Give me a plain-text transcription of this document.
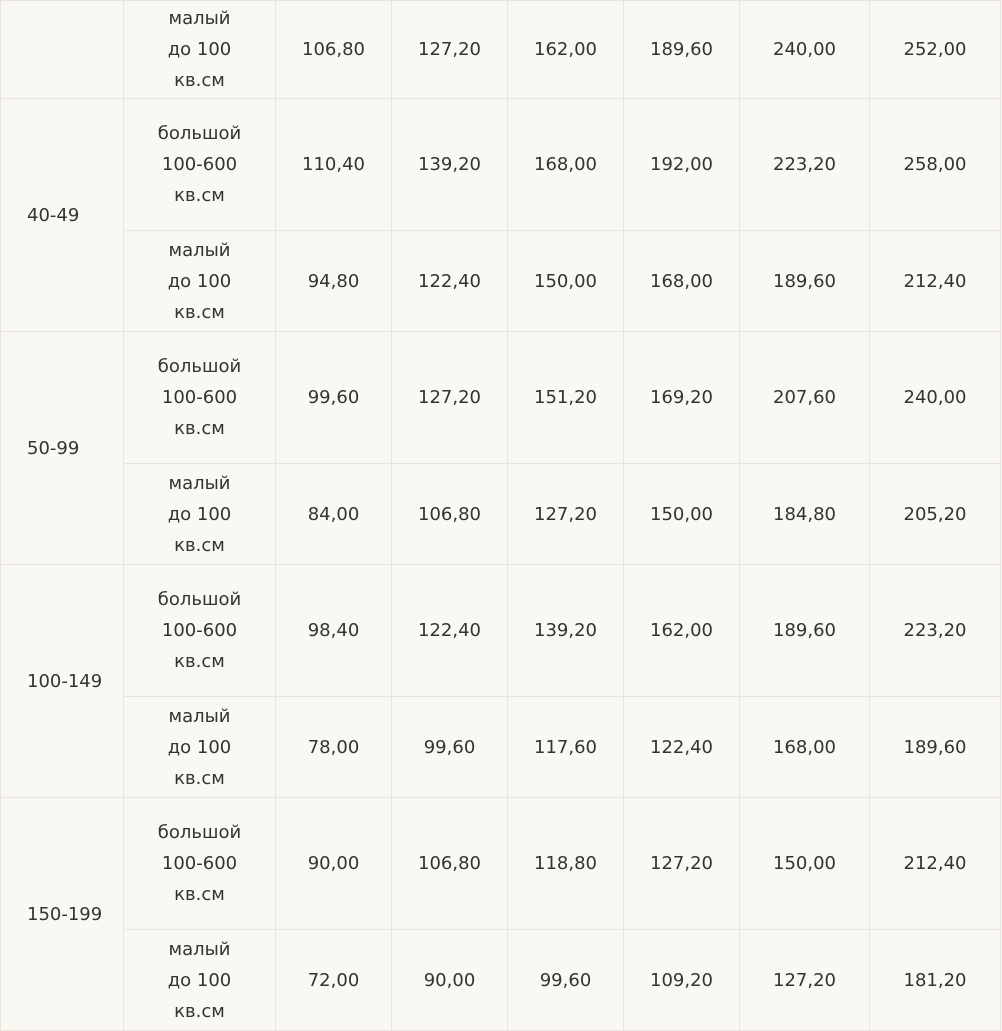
	малый до 100 кв.см	106,80	127,20	162,00	189,60	240,00	252,00
40-49	большой 100-600 кв.см	110,40	139,20	168,00	192,00	223,20	258,00
	малый до 100 кв.см	94,80	122,40	150,00	168,00	189,60	212,40
50-99	большой 100-600 кв.см	99,60	127,20	151,20	169,20	207,60	240,00
	малый до 100 кв.см	84,00	106,80	127,20	150,00	184,80	205,20
100-149	большой 100-600 кв.см	98,40	122,40	139,20	162,00	189,60	223,20
	малый до 100 кв.см	78,00	99,60	117,60	122,40	168,00	189,60
150-199	большой 100-600 кв.см	90,00	106,80	118,80	127,20	150,00	212,40
	малый до 100 кв.см	72,00	90,00	99,60	109,20	127,20	181,20
